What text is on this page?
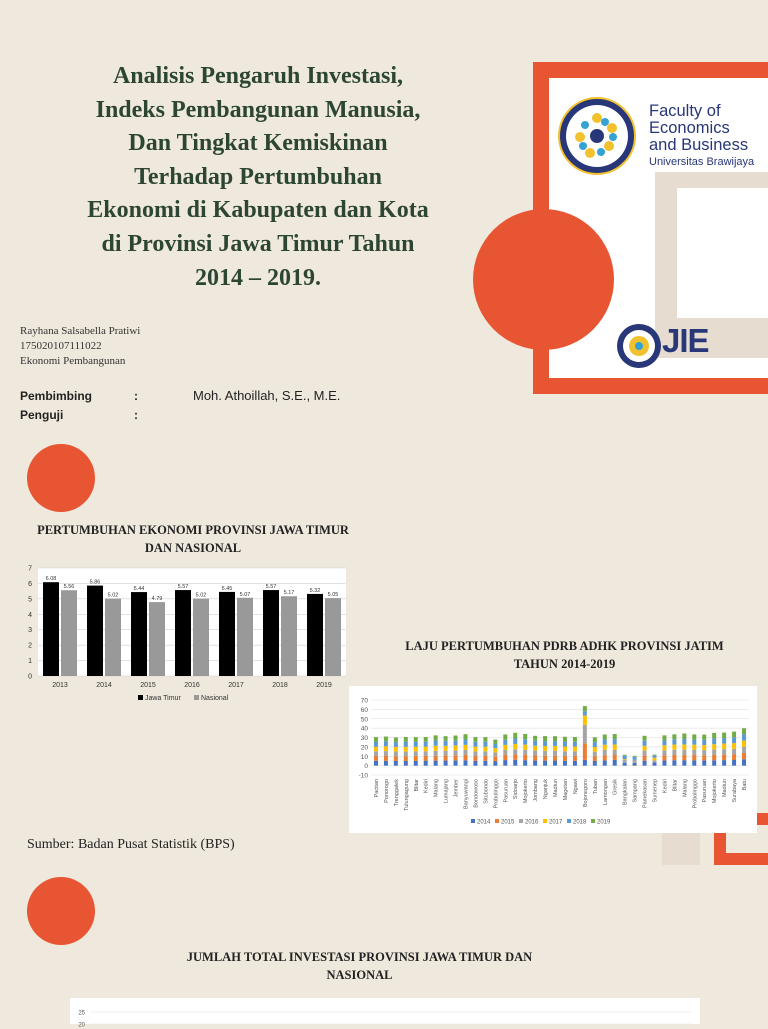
Faculty of
Economics
and Business
Universitas Brawijaya
JIE
Analisis Pengaruh Investasi,
Indeks Pembangunan Manusia,
Dan Tingkat Kemiskinan
Terhadap Pertumbuhan
Ekonomi di Kabupaten dan Kota
di Provinsi Jawa Timur Tahun
2014 – 2019.
Rayhana Salsabella Pratiwi
175020107111022
Ekonomi Pembangunan
Pembimbing	:	Moh. Athoillah, S.E., M.E.
Penguji	:
PERTUMBUHAN EKONOMI PROVINSI JAWA TIMUR DAN NASIONAL
0
1
2
3
4
5
6
7
6.08
5.56
2013
5.86
5.02
2014
5.44
4.79
2015
5.57
5.02
2016
5.45
5.07
2017
5.57
5.17
2018
5.32
5.05
2019
Jawa Timur	Nasional
LAJU PERTUMBUHAN PDRB ADHK PROVINSI JATIM TAHUN 2014-2019
-10
0
10
20
30
40
50
60
70
Pacitan Ponorogo Trenggalek Tulungagung Blitar Kediri Malang Lumajang Jember Banyuwangi Bondowoso Situbondo Probolinggo Pasuruan Sidoarjo Mojokerto Jombang Nganjuk Madiun Magetan Ngawi Bojonegoro Tuban Lamongan Gresik Bangkalan Sampang Pamekasan Sumenep Kediri Blitar Malang Probolinggo Pasuruan Mojokerto Madiun Surabaya Batu
2014 2015 2016 2017 2018 2019
Sumber: Badan Pusat Statistik (BPS)
JUMLAH TOTAL INVESTASI PROVINSI JAWA TIMUR DAN NASIONAL
25
20
